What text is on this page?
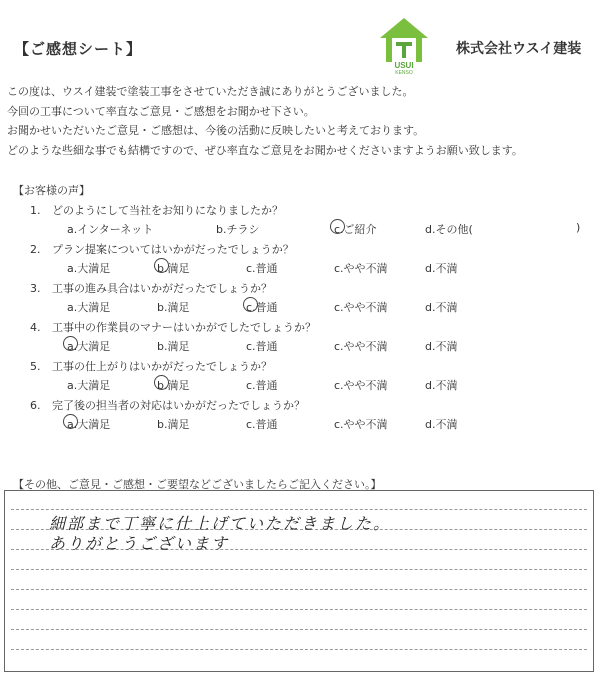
【ご感想シート】
USUI
KENSO
株式会社ウスイ建装
この度は、ウスイ建装で塗装工事をさせていただき誠にありがとうございました。
今回の工事について率直なご意見・ご感想をお聞かせ下さい。
お聞かせいただいたご意見・ご感想は、今後の活動に反映したいと考えております。
どのような些細な事でも結構ですので、ぜひ率直なご意見をお聞かせくださいますようお願い致します。
【お客様の声】
1. どのようにして当社をお知りになりましたか？
a.インターネット	b.チラシ	c.ご紹介	d.その他(	)
2. プラン提案についてはいかがだったでしょうか？
a.大満足	b.満足	c.普通	c.やや不満	d.不満
3. 工事の進み具合はいかがだったでしょうか？
a.大満足	b.満足	c.普通	c.やや不満	d.不満
4. 工事中の作業員のマナーはいかがでしたでしょうか？
a.大満足	b.満足	c.普通	c.やや不満	d.不満
5. 工事の仕上がりはいかがだったでしょうか？
a.大満足	b.満足	c.普通	c.やや不満	d.不満
6. 完了後の担当者の対応はいかがだったでしょうか？
a.大満足	b.満足	c.普通	c.やや不満	d.不満
【その他、ご意見・ご感想・ご要望などございましたらご記入ください。】
細部まで丁寧に仕上げていただきました。
ありがとうございます
